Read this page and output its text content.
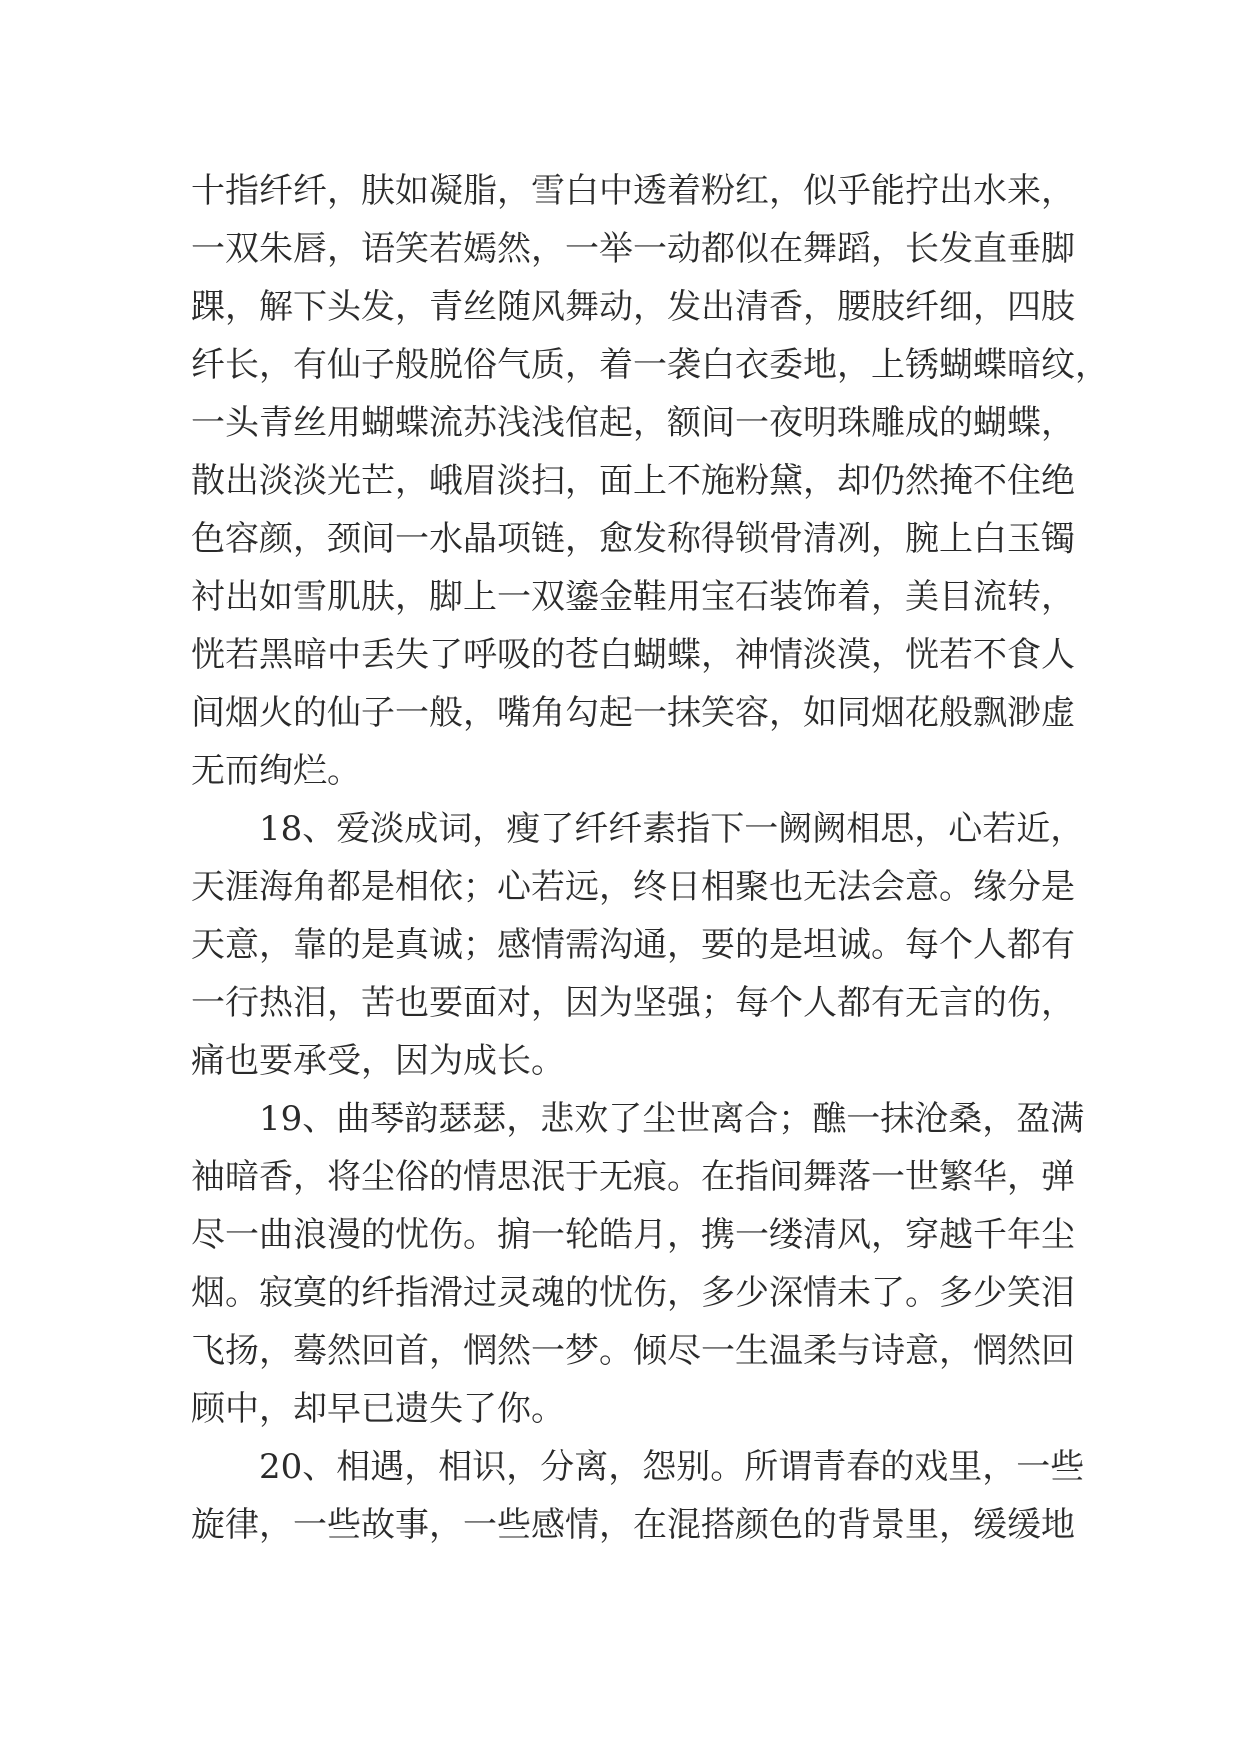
十指纤纤，肤如凝脂，雪白中透着粉红，似乎能拧出水来，
一双朱唇，语笑若嫣然，一举一动都似在舞蹈，长发直垂脚
踝，解下头发，青丝随风舞动，发出清香，腰肢纤细，四肢
纤长，有仙子般脱俗气质，着一袭白衣委地，上锈蝴蝶暗纹，
一头青丝用蝴蝶流苏浅浅倌起，额间一夜明珠雕成的蝴蝶，
散出淡淡光芒，峨眉淡扫，面上不施粉黛，却仍然掩不住绝
色容颜，颈间一水晶项链，愈发称得锁骨清冽，腕上白玉镯
衬出如雪肌肤，脚上一双鎏金鞋用宝石装饰着，美目流转，
恍若黑暗中丢失了呼吸的苍白蝴蝶，神情淡漠，恍若不食人
间烟火的仙子一般，嘴角勾起一抹笑容，如同烟花般飘渺虚
无而绚烂。
　　18、爱淡成词，瘦了纤纤素指下一阙阙相思，心若近，
天涯海角都是相依；心若远，终日相聚也无法会意。缘分是
天意，靠的是真诚；感情需沟通，要的是坦诚。每个人都有
一行热泪，苦也要面对，因为坚强；每个人都有无言的伤，
痛也要承受，因为成长。
　　19、曲琴韵瑟瑟，悲欢了尘世离合；醮一抹沧桑，盈满
袖暗香，将尘俗的情思泯于无痕。在指间舞落一世繁华，弹
尽一曲浪漫的忧伤。掮一轮皓月，携一缕清风，穿越千年尘
烟。寂寞的纤指滑过灵魂的忧伤，多少深情未了。多少笑泪
飞扬，蓦然回首，惘然一梦。倾尽一生温柔与诗意，惘然回
顾中，却早已遗失了你。
　　20、相遇，相识，分离，怨别。所谓青春的戏里，一些
旋律，一些故事，一些感情，在混搭颜色的背景里，缓缓地
